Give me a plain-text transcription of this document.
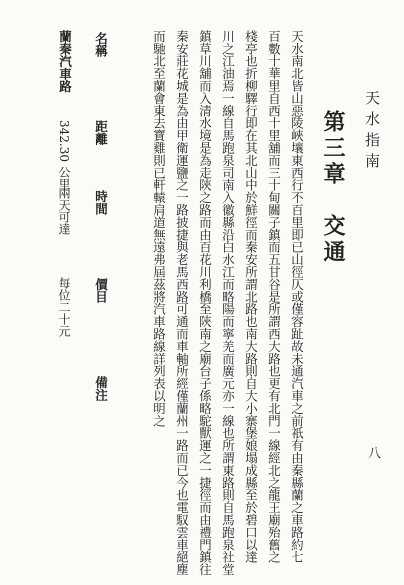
天水指南
八
第三章　交通
天水南北皆山惡陵峽壤東西行不百里即已山徑仄或僅容趾故未通汽車之前祇有由秦縣蘭之車路約七
百數十華里自西十里舖而三十甸關子鎮而五甘谷是所謂西大路也更有北門一線經北之龍王廟殆舊之
棧亭也折柳驛行即在其北山中於鮮徑而秦安所謂北路也南大路則自大小寨堡娘塌成縣至於碧口以達
川之江油焉一線自馬跑泉司南入徽縣沿白水江而略陽而寧羌而廣元亦一線也所謂東路則自馬跑泉社堂
鎮草川舖而入清水境是為走陝之路而由百花川利橋至陝南之廟台子係略駝獸運之一捷徑而由禮門鎮往
秦安莊花城是為由甲衛運鹽之一路披捷與老馬西路可通而車軸所經僅蘭州一路而已今也電馭雲車絕塵
而馳北至蘭會東去寶雞則已軒轅肩道無遠弗屆茲將汽車路線詳列表以明之
名稱
距離
時間
價目
備注
蘭秦汽車路
342.30 公里
兩天可達
每位二十元
